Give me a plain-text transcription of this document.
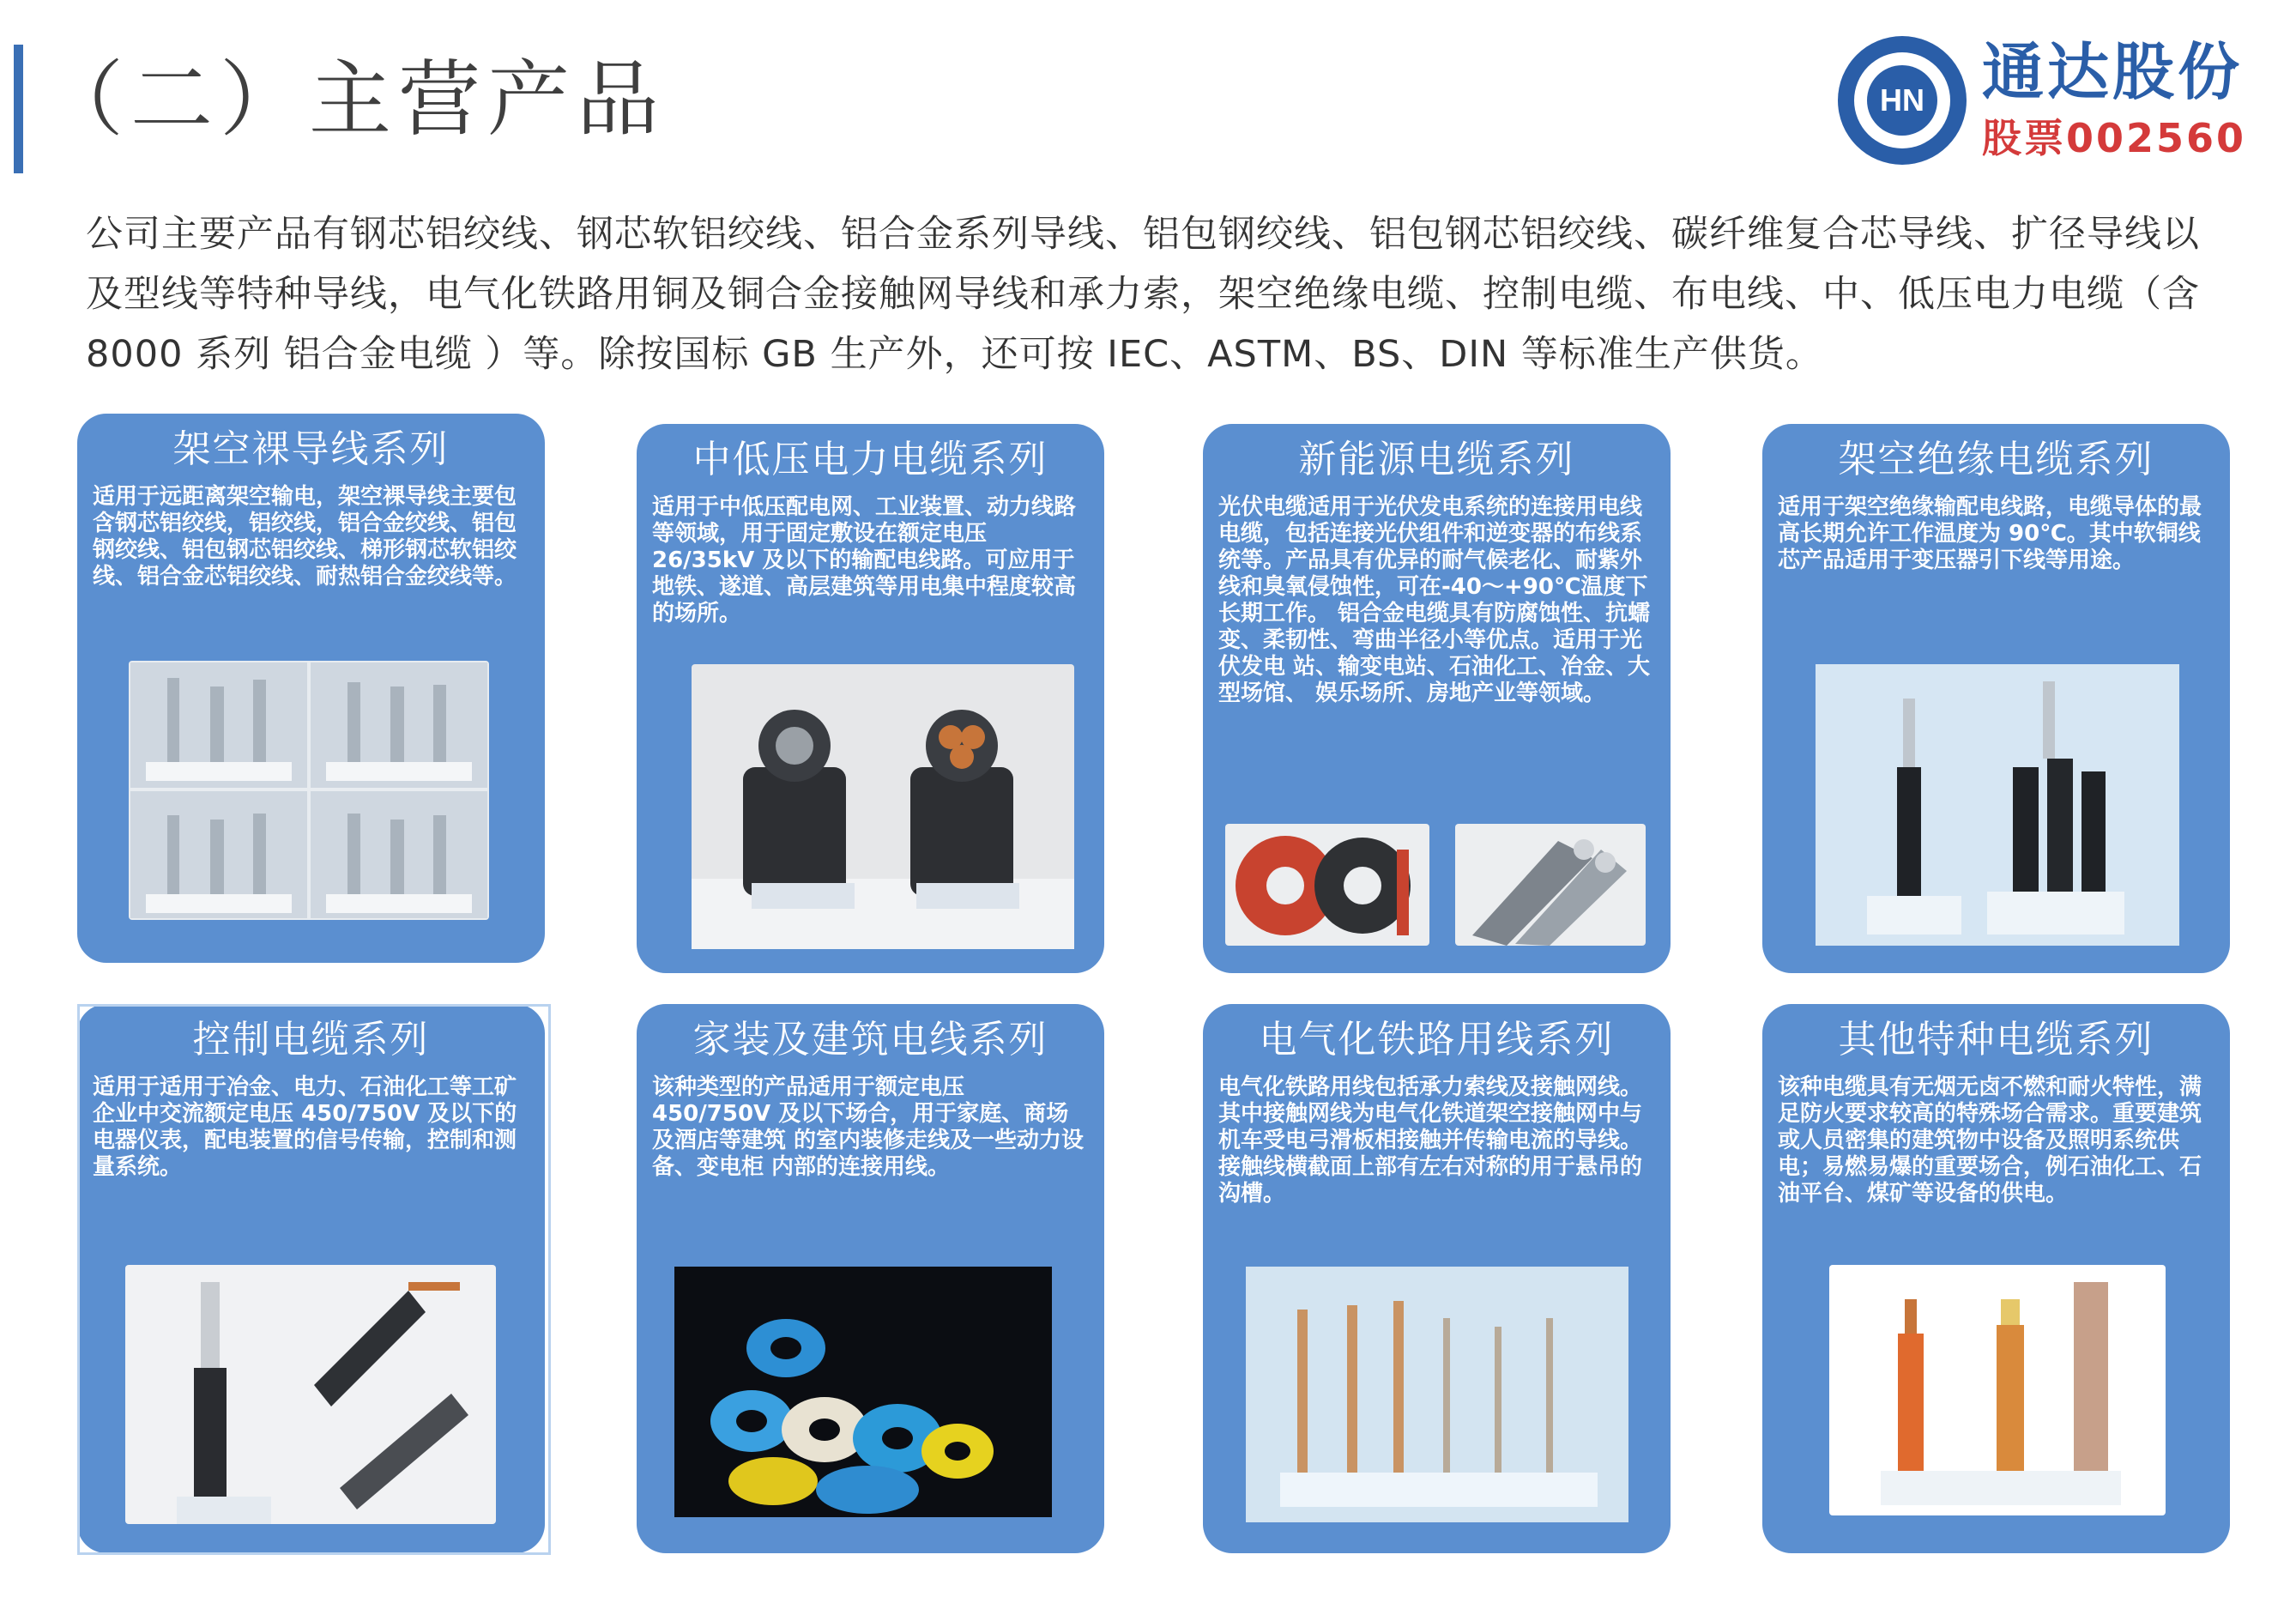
（二）主营产品	HN 通达股份
股票002560
公司主要产品有钢芯铝绞线、钢芯软铝绞线、铝合金系列导线、铝包钢绞线、铝包钢芯铝绞线、碳纤维复合芯导线、扩径导线以及型线等特种导线，电气化铁路用铜及铜合金接触网导线和承力索，架空绝缘电缆、控制电缆、布电线、中、低压电力电缆（含 8000 系列 铝合金电缆 ）等。除按国标 GB 生产外，还可按 IEC、ASTM、BS、DIN 等标准生产供货。
架空裸导线系列
适用于远距离架空输电，架空裸导线主要包含钢芯铝绞线，铝绞线，铝合金绞线、铝包钢绞线、铝包钢芯铝绞线、梯形钢芯软铝绞线、铝合金芯铝绞线、耐热铝合金绞线等。
中低压电力电缆系列
适用于中低压配电网、工业装置、动力线路等领域，用于固定敷设在额定电压 26/35kV 及以下的输配电线路。可应用于地铁、遂道、高层建筑等用电集中程度较高的场所。
新能源电缆系列
光伏电缆适用于光伏发电系统的连接用电线电缆，包括连接光伏组件和逆变器的布线系统等。产品具有优异的耐气候老化、耐紫外线和臭氧侵蚀性，可在-40～+90℃温度下长期工作。 铝合金电缆具有防腐蚀性、抗蠕变、柔韧性、弯曲半径小等优点。适用于光伏发电 站、输变电站、石油化工、冶金、大型场馆、 娱乐场所、房地产业等领域。
架空绝缘电缆系列
适用于架空绝缘输配电线路，电缆导体的最高长期允许工作温度为 90℃。其中软铜线芯产品适用于变压器引下线等用途。
控制电缆系列
适用于适用于冶金、电力、石油化工等工矿企业中交流额定电压 450/750V 及以下的电器仪表，配电装置的信号传输，控制和测 量系统。
家装及建筑电线系列
该种类型的产品适用于额定电压 450/750V 及以下场合，用于家庭、商场及酒店等建筑 的室内装修走线及一些动力设备、变电柜 内部的连接用线。
电气化铁路用线系列
电气化铁路用线包括承力索线及接触网线。其中接触网线为电气化铁道架空接触网中与机车受电弓滑板相接触并传输电流的导线。接触线横截面上部有左右对称的用于悬吊的沟槽。
其他特种电缆系列
该种电缆具有无烟无卤不燃和耐火特性，满足防火要求较高的特殊场合需求。重要建筑或人员密集的建筑物中设备及照明系统供电；易燃易爆的重要场合，例石油化工、石油平台、煤矿等设备的供电。
